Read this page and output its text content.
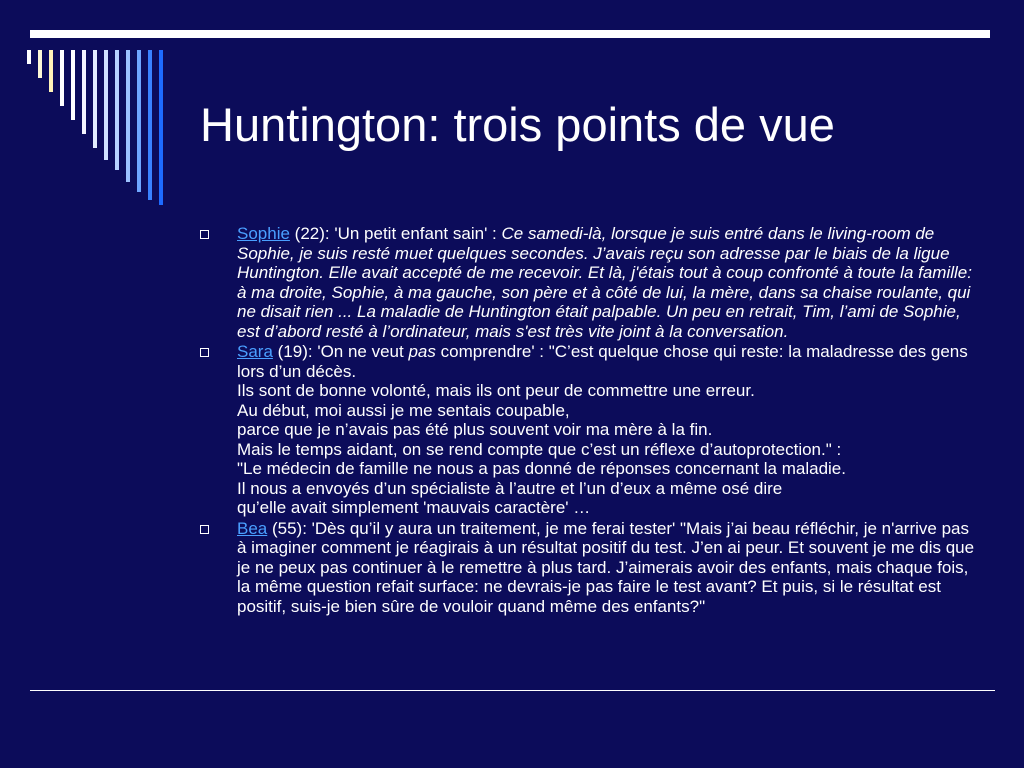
Huntington: trois points de vue

Sophie (22): 'Un petit enfant sain' : Ce samedi-là, lorsque je suis entré dans le living-room de Sophie, je suis resté muet quelques secondes. J’avais reçu son adresse par le biais de la ligue Huntington. Elle avait accepté de me recevoir. Et là, j'étais tout à coup confronté à toute la famille: à ma droite, Sophie, à ma gauche, son père et à côté de lui, la mère, dans sa chaise roulante, qui ne disait rien ... La maladie de Huntington était palpable. Un peu en retrait, Tim, l’ami de Sophie, est d’abord resté à l’ordinateur, mais s'est très vite joint à la conversation.

Sara (19): 'On ne veut pas comprendre' : "C’est quelque chose qui reste: la maladresse des gens lors d’un décès.
Ils sont de bonne volonté, mais ils ont peur de commettre une erreur.
Au début, moi aussi je me sentais coupable,
parce que je n’avais pas été plus souvent voir ma mère à la fin.
Mais le temps aidant, on se rend compte que c’est un réflexe d’autoprotection." :
"Le médecin de famille ne nous a pas donné de réponses concernant la maladie.
Il nous a envoyés d’un spécialiste à l’autre et l’un d’eux a même osé dire
qu’elle avait simplement 'mauvais caractère' …

Bea (55): 'Dès qu’il y aura un traitement, je me ferai tester' "Mais j’ai beau réfléchir, je n'arrive pas à imaginer comment je réagirais à un résultat positif du test. J’en ai peur. Et souvent je me dis que je ne peux pas continuer à le remettre à plus tard. J’aimerais avoir des enfants, mais chaque fois, la même question refait surface: ne devrais-je pas faire le test avant? Et puis, si le résultat est positif, suis-je bien sûre de vouloir quand même des enfants?"
